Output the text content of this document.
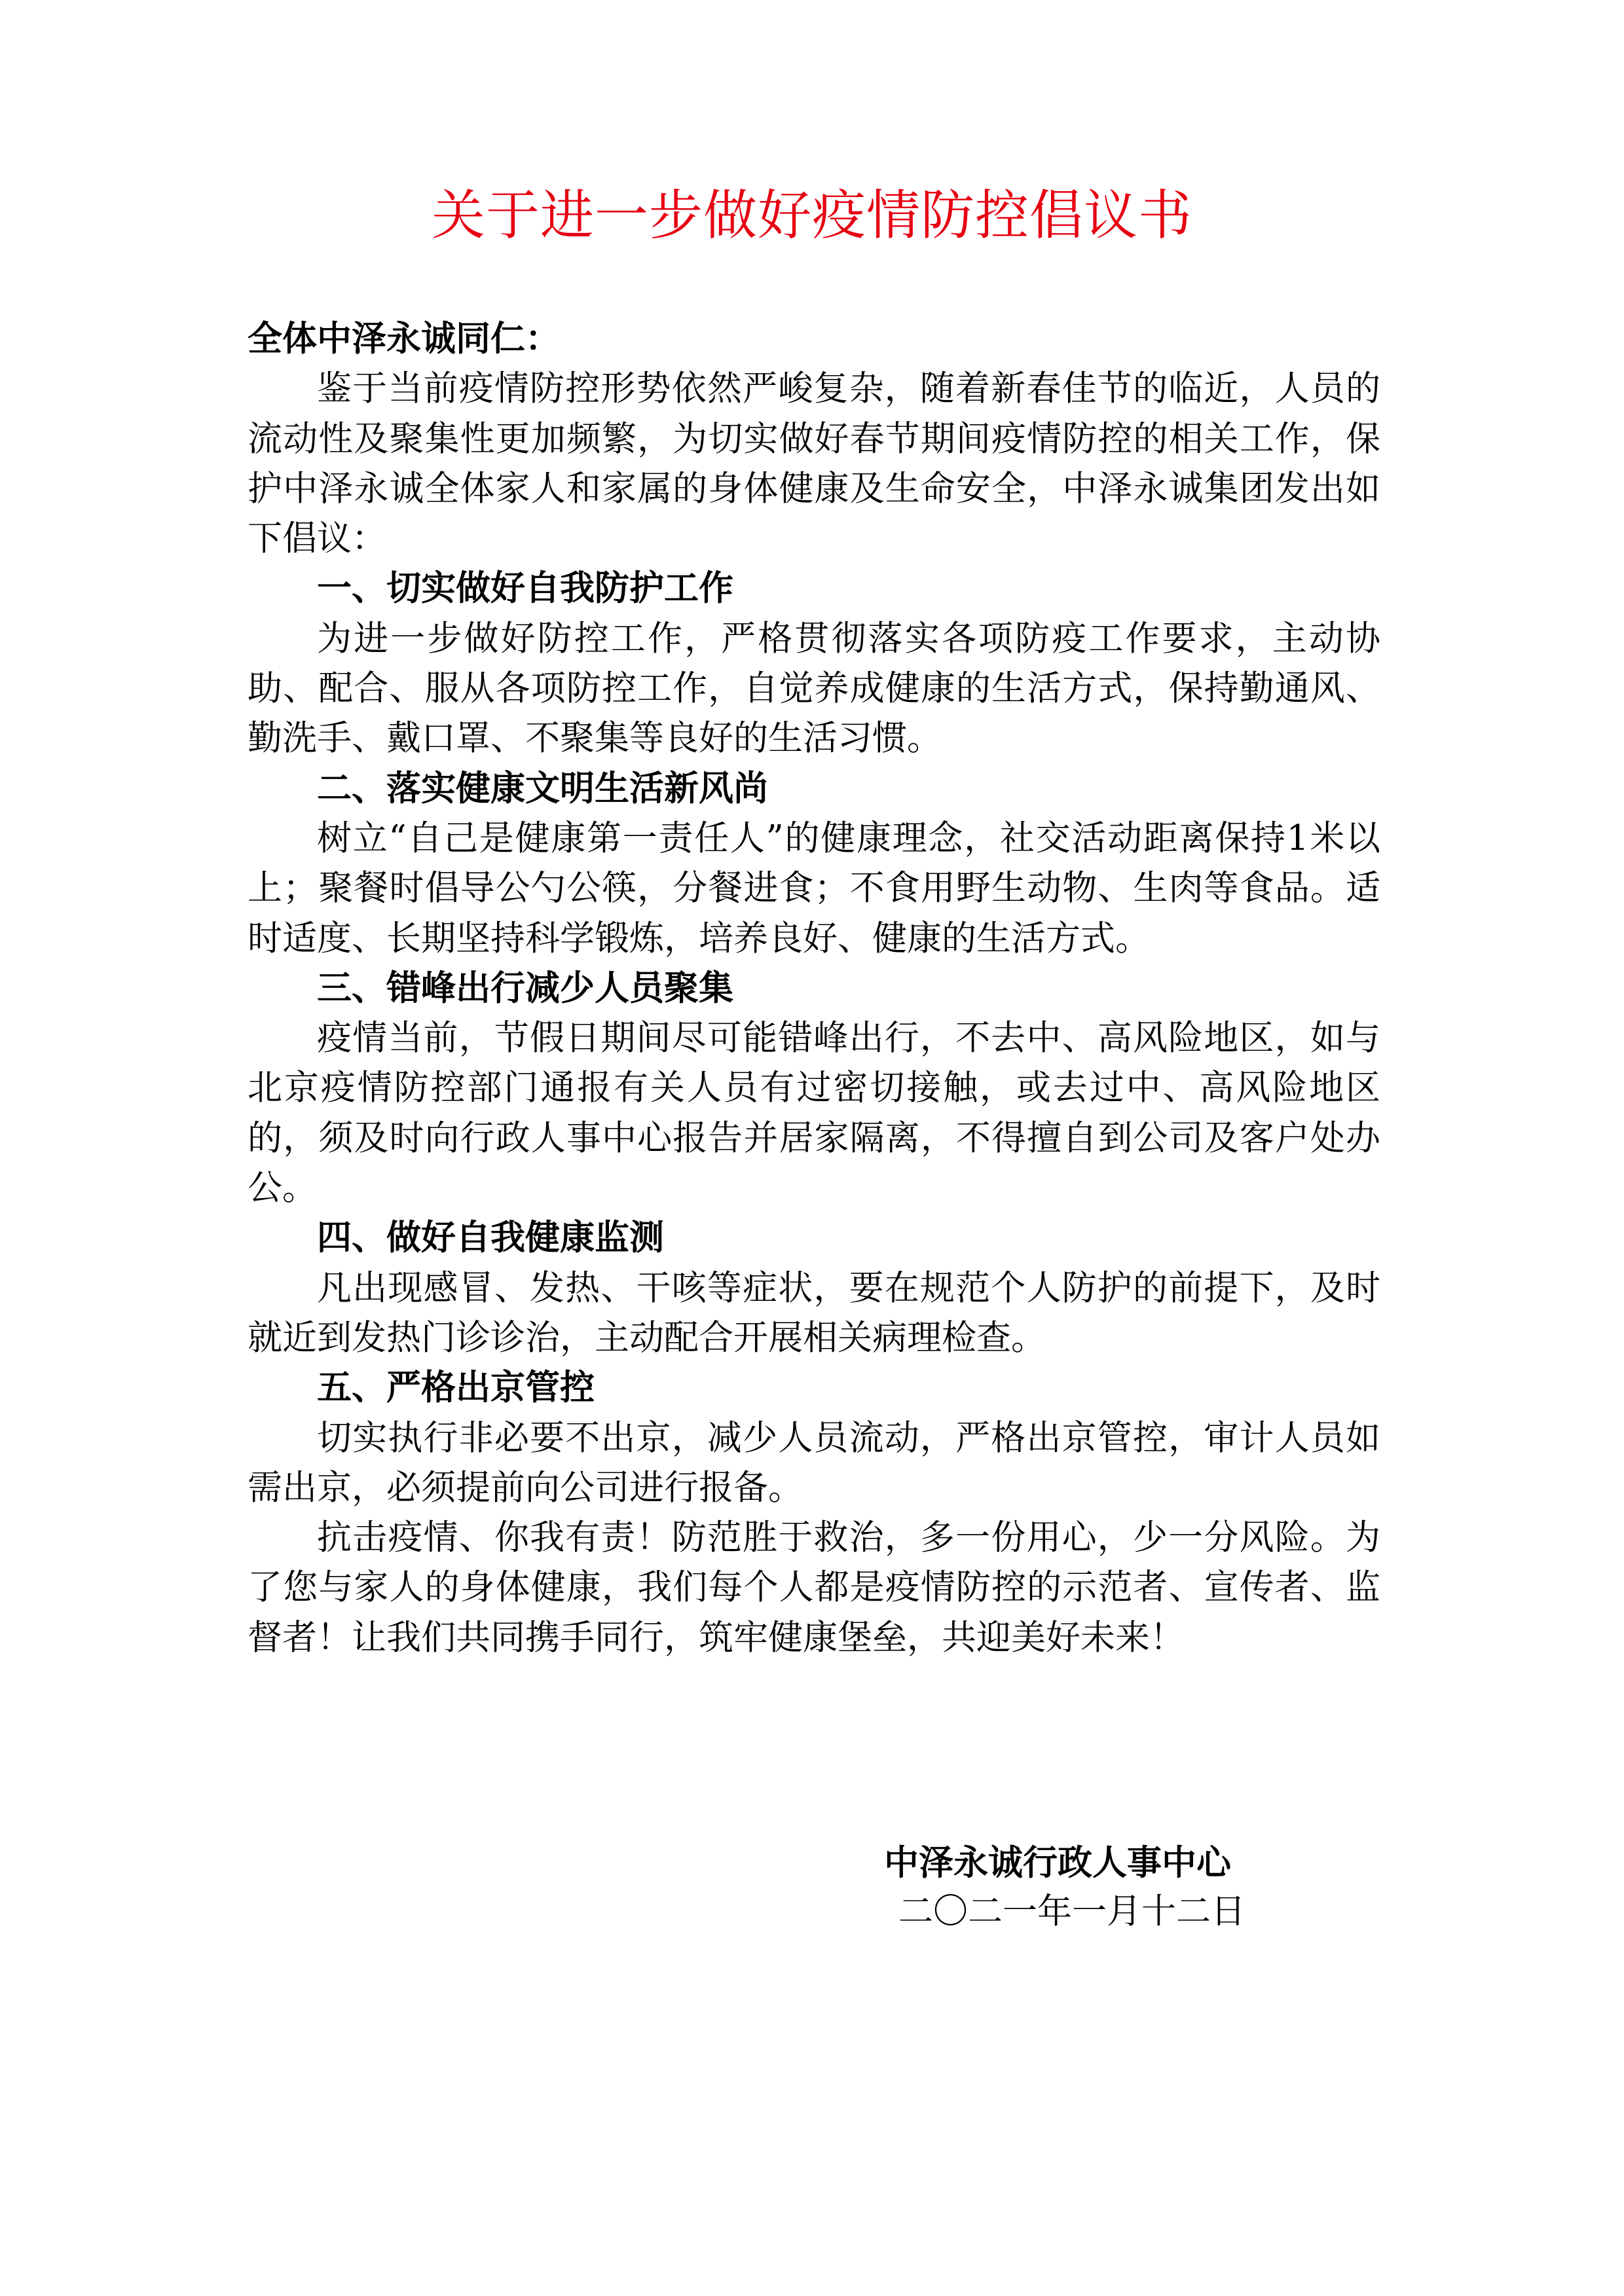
关于进一步做好疫情防控倡议书

全体中泽永诚同仁：

鉴于当前疫情防控形势依然严峻复杂，随着新春佳节的临近，人员的流动性及聚集性更加频繁，为切实做好春节期间疫情防控的相关工作，保护中泽永诚全体家人和家属的身体健康及生命安全，中泽永诚集团发出如下倡议：

一、切实做好自我防护工作

为进一步做好防控工作，严格贯彻落实各项防疫工作要求，主动协助、配合、服从各项防控工作，自觉养成健康的生活方式，保持勤通风、勤洗手、戴口罩、不聚集等良好的生活习惯。

二、落实健康文明生活新风尚

树立“自己是健康第一责任人”的健康理念，社交活动距离保持1米以上；聚餐时倡导公勺公筷，分餐进食；不食用野生动物、生肉等食品。适时适度、长期坚持科学锻炼，培养良好、健康的生活方式。

三、错峰出行减少人员聚集

疫情当前，节假日期间尽可能错峰出行，不去中、高风险地区，如与北京疫情防控部门通报有关人员有过密切接触，或去过中、高风险地区的，须及时向行政人事中心报告并居家隔离，不得擅自到公司及客户处办公。

四、做好自我健康监测

凡出现感冒、发热、干咳等症状，要在规范个人防护的前提下，及时就近到发热门诊诊治，主动配合开展相关病理检查。

五、严格出京管控

切实执行非必要不出京，减少人员流动，严格出京管控，审计人员如需出京，必须提前向公司进行报备。

抗击疫情、你我有责！防范胜于救治，多一份用心，少一分风险。为了您与家人的身体健康，我们每个人都是疫情防控的示范者、宣传者、监督者！让我们共同携手同行，筑牢健康堡垒，共迎美好未来！

中泽永诚行政人事中心
二〇二一年一月十二日
